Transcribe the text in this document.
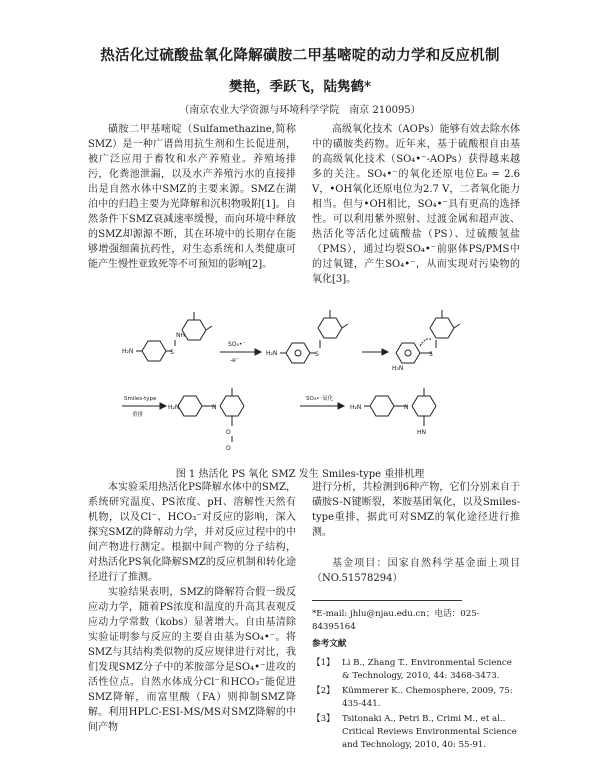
热活化过硫酸盐氧化降解磺胺二甲基嘧啶的动力学和反应机制
樊艳，季跃飞，陆隽鹤*
（南京农业大学资源与环境科学学院　南京 210095）

磺胺二甲基嘧啶（Sulfamethazine,简称SMZ）是一种广谱兽用抗生剂和生长促进剂，被广泛应用于畜牧和水产养殖业。养殖场排污，化粪池泄漏，以及水产养殖污水的直接排出是自然水体中SMZ的主要来源。SMZ在湖泊中的归趋主要为光降解和沉积物吸附[1]。自然条件下SMZ衰减速率缓慢，而向环境中释放的SMZ却源源不断，其在环境中的长期存在能够增强细菌抗药性，对生态系统和人类健康可能产生慢性亚致死等不可预知的影响[2]。

高级氧化技术（AOPs）能够有效去除水体中的磺胺类药物。近年来，基于硫酸根自由基的高级氧化技术（SO₄•⁻-AOPs）获得越来越多的关注。SO₄•⁻的氧化还原电位E₀ = 2.6 V，•OH氧化还原电位为2.7 V，二者氧化能力相当。但与•OH相比，SO₄•⁻具有更高的选择性。可以利用紫外照射、过渡金属和超声波、热活化等活化过硫酸盐（PS）、过硫酸氢盐（PMS），通过均裂SO₄•⁻前驱体PS/PMS中的过氧键，产生SO₄•⁻，从而实现对污染物的氧化[3]。

H₂N	S
NH
SO₄•⁻
-e⁻
H₂N	S	S
H₂N
Smiles-type
重排
N
O
O
H₂N
SO₄•⁻氧化
H₂N	N
HN
图 1 热活化 PS 氧化 SMZ 发生 Smiles-type 重排机理

本实验采用热活化PS降解水体中的SMZ，系统研究温度、PS浓度、pH、溶解性天然有机物，以及Cl⁻、HCO₃⁻对反应的影响，深入探究SMZ的降解动力学，并对反应过程中的中间产物进行测定。根据中间产物的分子结构，对热活化PS氧化降解SMZ的反应机制和转化途径进行了推测。

实验结果表明，SMZ的降解符合假一级反应动力学，随着PS浓度和温度的升高其表观反应动力学常数（kobs）显著增大。自由基清除实验证明参与反应的主要自由基为SO₄•⁻。将SMZ与其结构类似物的反应规律进行对比，我们发现SMZ分子中的苯胺部分是SO₄•⁻进攻的活性位点。自然水体成分Cl⁻和HCO₃⁻能促进SMZ降解，而富里酸（FA）则抑制SMZ降解。利用HPLC-ESI-MS/MS对SMZ降解的中间产物

进行分析，共检测到6种产物，它们分别来自于磺胺S-N键断裂，苯胺基团氧化，以及Smiles-type重排，据此可对SMZ的氧化途径进行推测。

基金项目：国家自然科学基金面上项目（NO.51578294）

*E-mail: jhlu@njau.edu.cn；电话：025-84395164
参考文献
【1】 Li B., Zhang T.. Environmental Science & Technology, 2010, 44: 3468-3473.
【2】 Kümmerer K.. Chemosphere, 2009, 75: 435-441.
【3】 Tsitonaki A., Petri B., Crimi M., et al.. Critical Reviews Environmental Science and Technology, 2010, 40: 55-91.
